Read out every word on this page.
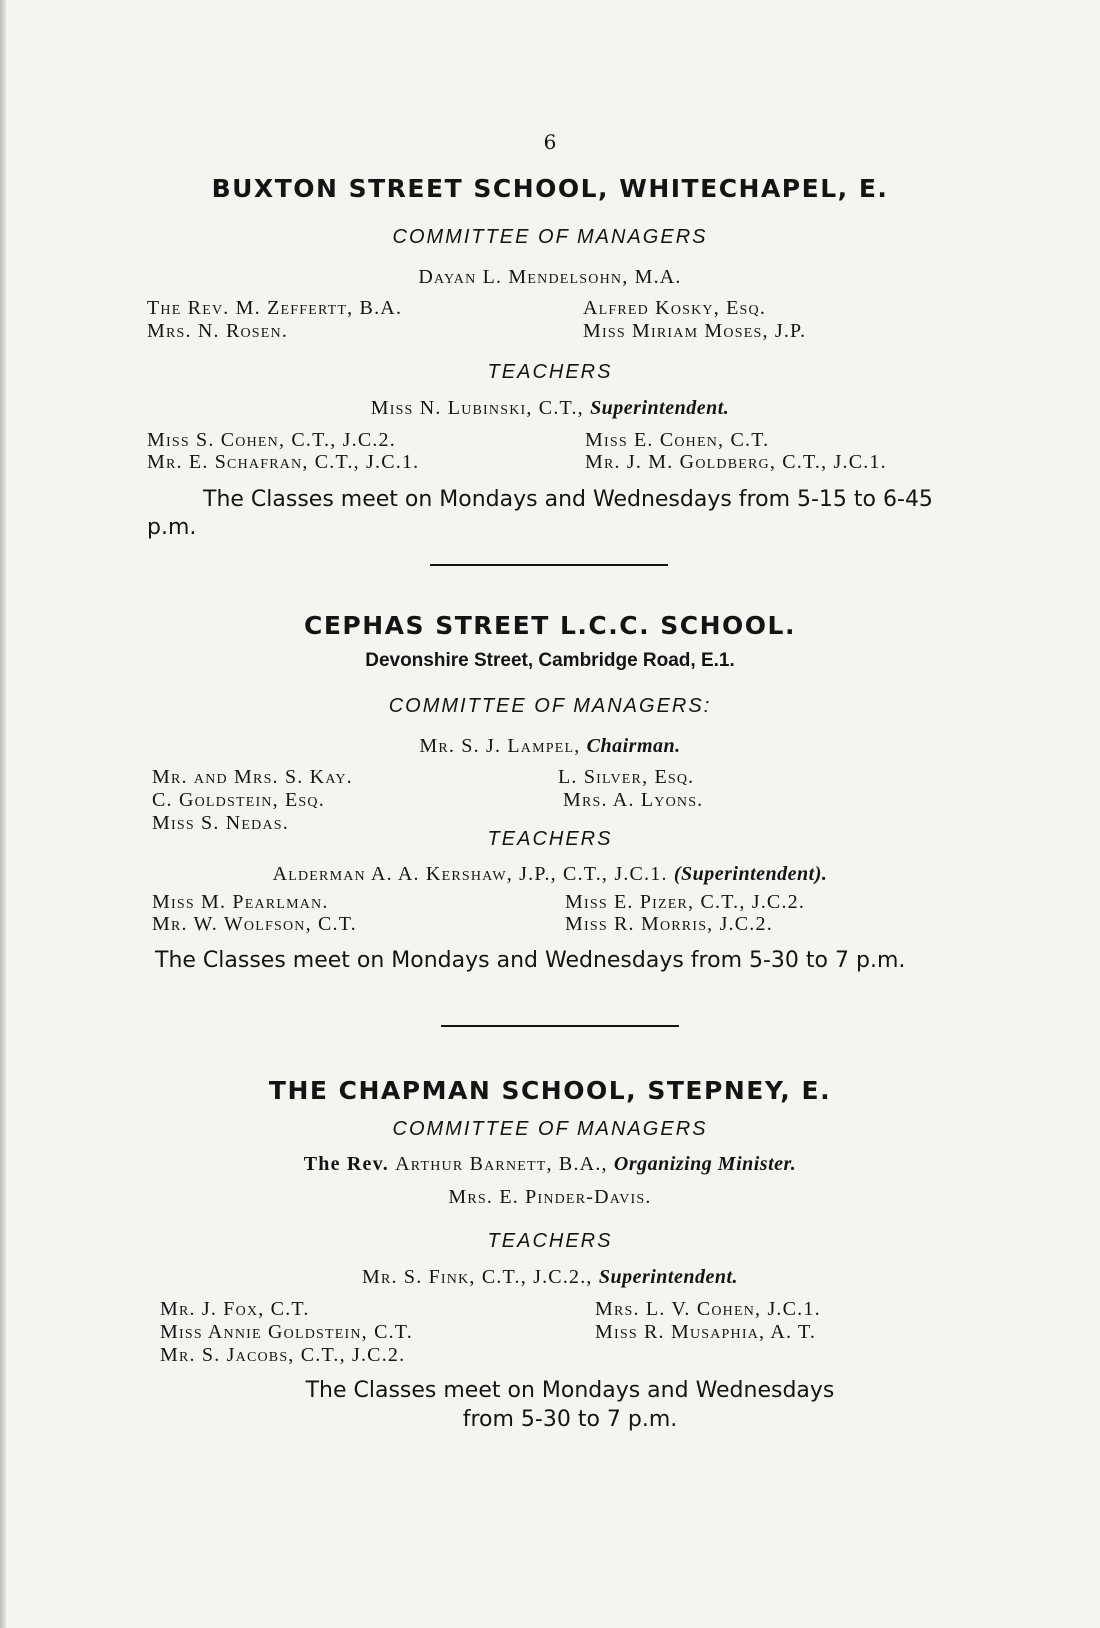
6
BUXTON STREET SCHOOL, WHITECHAPEL, E.
COMMITTEE OF MANAGERS
Dayan L. Mendelsohn, M.A.
The Rev. M. Zeffertt, B.A.	Alfred Kosky, Esq.
Mrs. N. Rosen.	Miss Miriam Moses, J.P.
TEACHERS
Miss N. Lubinski, C.T., Superintendent.
Miss S. Cohen, C.T., J.C.2.	Miss E. Cohen, C.T.
Mr. E. Schafran, C.T., J.C.1.	Mr. J. M. Goldberg, C.T., J.C.1.
The Classes meet on Mondays and Wednesdays from 5-15 to 6-45 p.m.
CEPHAS STREET L.C.C. SCHOOL.
Devonshire Street, Cambridge Road, E.1.
COMMITTEE OF MANAGERS:
Mr. S. J. Lampel, Chairman.
Mr. and Mrs. S. Kay.	L. Silver, Esq.
C. Goldstein, Esq.	Mrs. A. Lyons.
Miss S. Nedas.
TEACHERS
Alderman A. A. Kershaw, J.P., C.T., J.C.1. (Superintendent).
Miss M. Pearlman.	Miss E. Pizer, C.T., J.C.2.
Mr. W. Wolfson, C.T.	Miss R. Morris, J.C.2.
The Classes meet on Mondays and Wednesdays from 5-30 to 7 p.m.
THE CHAPMAN SCHOOL, STEPNEY, E.
COMMITTEE OF MANAGERS
The Rev. Arthur Barnett, B.A., Organizing Minister.
Mrs. E. Pinder-Davis.
TEACHERS
Mr. S. Fink, C.T., J.C.2., Superintendent.
Mr. J. Fox, C.T.	Mrs. L. V. Cohen, J.C.1.
Miss Annie Goldstein, C.T.	Miss R. Musaphia, A. T.
Mr. S. Jacobs, C.T., J.C.2.
The Classes meet on Mondays and Wednesdays
from 5-30 to 7 p.m.
